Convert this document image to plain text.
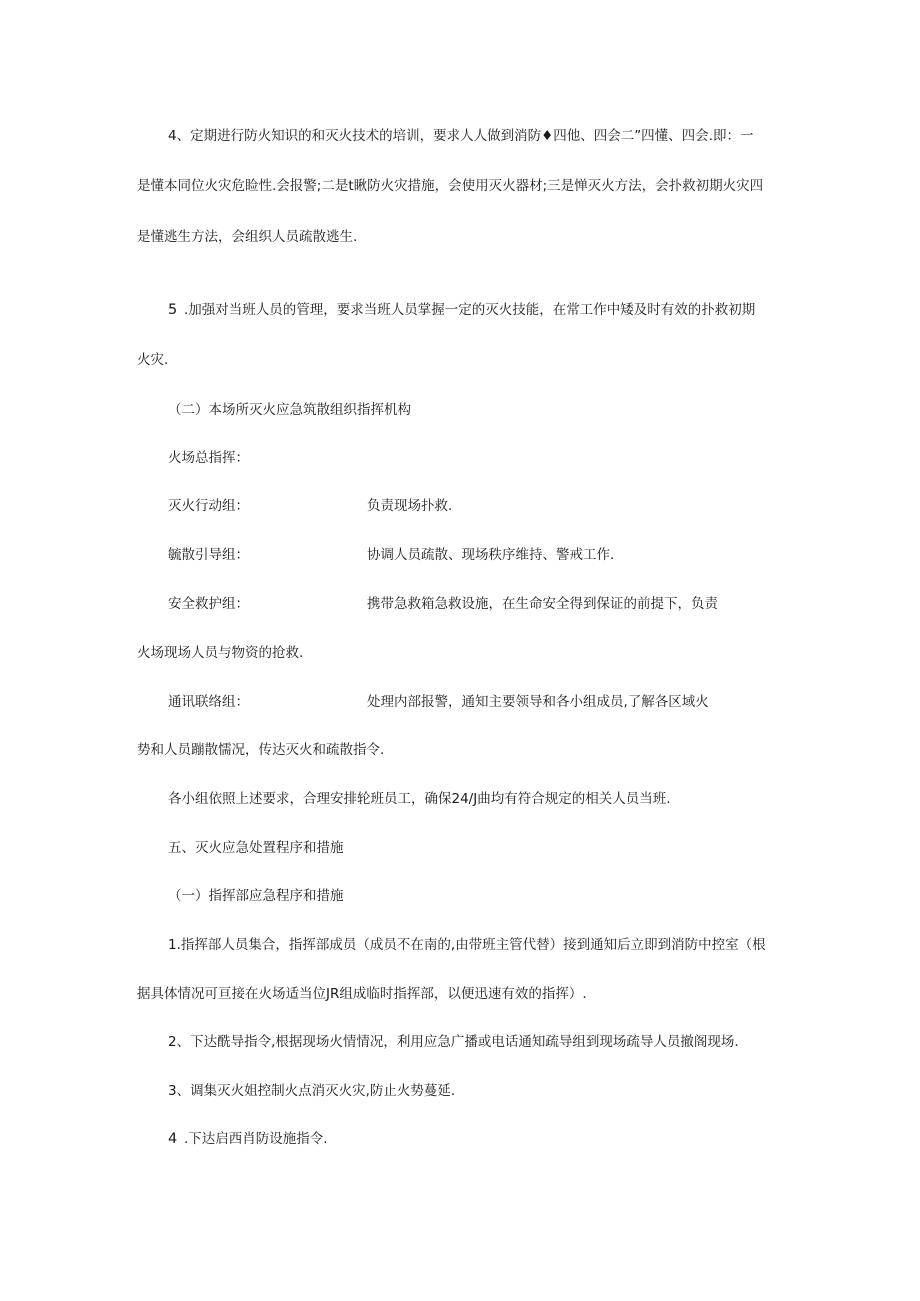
4、定期进行防火知识的和灭火技术的培训，要求人人做到消防♦四他、四会二”四懂、四会.即：一
是懂本同位火灾危睑性.会报警;二是t瞅防火灾措施，会使用灭火器材;三是惮灭火方法，会扑救初期火灾四
是懂逃生方法，会组织人员疏散逃生.
5 .加强对当班人员的管理，要求当班人员掌握一定的灭火技能，在常工作中矮及时有效的扑救初期
火灾.
（二）本场所灭火应急筑散组织指挥机构
火场总指挥：
灭火行动组：	负责现场扑救.
毓散引导组：	协调人员疏散、现场秩序维持、警戒工作.
安全救护组：	携带急救箱急救设施，在生命安全得到保证的前提下，负责
火场现场人员与物资的抢救.
通讯联络组：	处理内部报警，通知主要领导和各小组成员,了解各区域火
势和人员蹦散懦况，传达灭火和疏散指令.
各小组依照上述要求，合理安排轮班员工，确保24/J曲均有符合规定的相关人员当班.
五、灭火应急处置程序和措施
（一）指挥部应急程序和措施
1.指挥部人员集合，指挥部成员（成员不在南的,由带班主管代替）接到通知后立即到消防中控室（根
据具体情况可亘接在火场适当位JR组成临时指挥部，以便迅速有效的指挥）.
2、下达酰导指令,根据现场火情情况，利用应急广播或电话通知疏导组到现场疏导人员撤阁现场.
3、调集灭火姐控制火点消灭火灾,防止火势蔓延.
4 .下达启西肖防设施指令.
